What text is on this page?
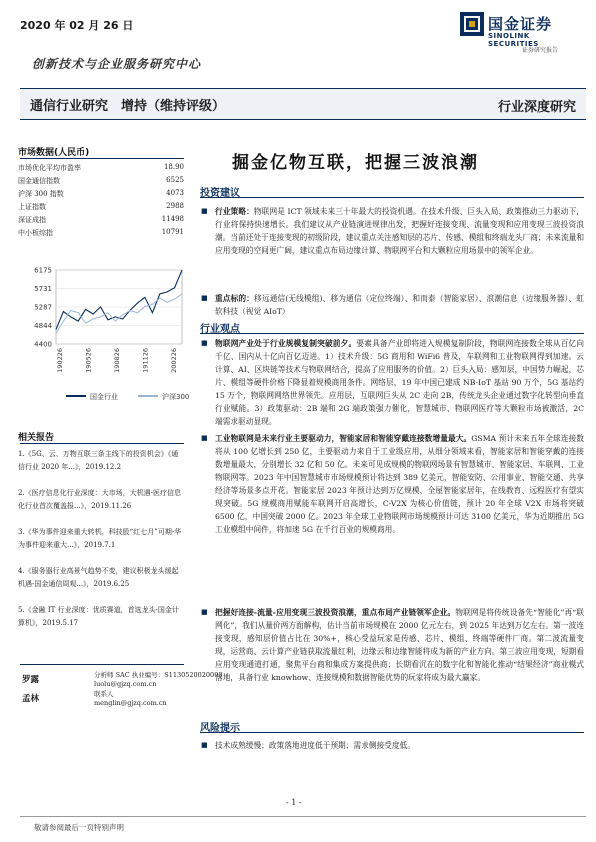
2020 年 02 月 26 日	国金证券
SINOLINK SECURITIES
证券研究报告
创新技术与企业服务研究中心
通信行业研究　增持（维持评级）	行业深度研究
市场数据(人民币)
市场优化平均市盈率	18.90
国金通信指数	6525
沪深 300 指数	4073
上证指数	2988
深证成指	11498
中小板综指	10791
6175
5731
5287
4844
4400
190226	190526	190826	191126	200226
国金行业	沪深300
相关报告
1.《5G、云、万物互联三条主线下的投资机会》《通信行业 2020 年...》，2019.12.2
2.《医疗信息化行业深度：大市场，大机遇-医疗信息化行业首次覆盖报...》，2019.11.26
3.《华为事件迎来重大转机，科技股“红七月”可期-华为事件迎来重大...》，2019.7.1
4.《服务器行业高景气趋势不变，建议积极龙头缓起机遇-国金通信周观...》，2019.6.25
5.《金融 IT 行业深度：优质赛道，首选龙头-国金计算机》，2019.5.17
罗露	分析师 SAC 执业编号：S1130520020003
luolu@gjzq.com.cn
孟林	联系人
menglin@gjzq.com.cn
掘金亿物互联，把握三波浪潮
投资建议
■ 行业策略：物联网是 ICT 领域未来三十年最大的投资机遇。在技术升级、巨头入局、政策推动三力驱动下，行业将保持快速增长。我们建议从产业链演进规律出发，把握好连接变现、流量变现和应用变现三波投资浪潮。当前还处于连接变现的初级阶段，建议重点关注感知层的芯片、传感、模组和终端龙头厂商；未来流量和应用变现的空间更广阔，建议重点布局边缘计算、物联网平台和大颗粒应用场景中的领军企业。
■ 重点标的：移远通信(无线模组)、移为通信（定位终端）、和而泰（智能家居）、浪潮信息（边缘服务器）、虹软科技（视觉 AIoT）
行业观点
■ 物联网产业处于行业规模复制突破前夕。要素具备产业即将进入规模复制阶段，物联网连接数全球从百亿向千亿、国内从十亿向百亿迈进。1）技术升级：5G 商用和 WiFi6 普及，车联网和工业物联网得到加速。云计算、AI、区块链等技术与物联网结合，提高了应用服务的价值。2）巨头入局：感知层，中国势力崛起，芯片、模组等硬件价格下降显着规模商用条件。网络层，19 年中国已建成 NB-IoT 基站 90 万个，5G 基站约 15 万个，物联网网络世界领先。应用层，互联网巨头从 2C 走向 2B，传统龙头企业通过数字化转型向垂直行业赋能。3）政策驱动：2B 端和 2G 端政策强力催化，智慧城市、物联网医疗等大颗粒市场被激活，2C 端需求驱动显现。
■ 工业物联网是未来行业主要驱动力，智能家居和智能穿戴连接数增量最大。GSMA 预计未来五年全球连接数将从 100 亿增长到 250 亿，主要驱动力来自于工业级应用，从细分领域来看，智能家居和智能穿戴的连接数增量最大，分别增长 32 亿和 50 亿。未来可见成规模的物联网场景有智慧城市、智能家居、车联网、工业物联网等。2023 年中国智慧城市市场规模预计将达到 389 亿美元，智能安防、公用事业、智能交通、共享经济等场景多点开花。智能家居 2023 年预计达到万亿规模，全屋智能家居年，在线教育、远程医疗有望实现突破。5G 规模商用赋能车联网开启高增长，C-V2X 为核心价值链，预计 20 年全球 V2X 市场将突破 6500 亿，中国突破 2000 亿。2023 年全球工业物联网市场规模预计可达 3100 亿美元，华为近期推出 5G 工业模组中间件，将加速 5G 在千行百业的规模商用。
■ 把握好连接-流量-应用变现三波投资浪潮，重点布局产业链领军企业。物联网是将传统设备先“智能化”再“联网化”，我们从量价两方面解构，估计当前市场规模在 2000 亿元左右，到 2025 年达到万亿左右。第一波连接变现，感知层价值占比在 30%+，核心受益玩家是传感、芯片、模组、终端等硬件厂商。第二波流量变现，运营商、云计算产业链获取流量红利，边缘云和边缘智能将成为新的产业方向。第三波应用变现，短期看应用变现通道打通，聚焦平台商和集成方案提供商；长期看沉在的数字化和智能化推动“结果经济”商业模式落地，具备行业 knowhow、连接规模和数据智能优势的玩家将成为最大赢家。
风险提示
■ 技术成熟缓慢；政策落地进度低于预期；需求侧接受度低。
- 1 -
敬请参阅最后一页特别声明
